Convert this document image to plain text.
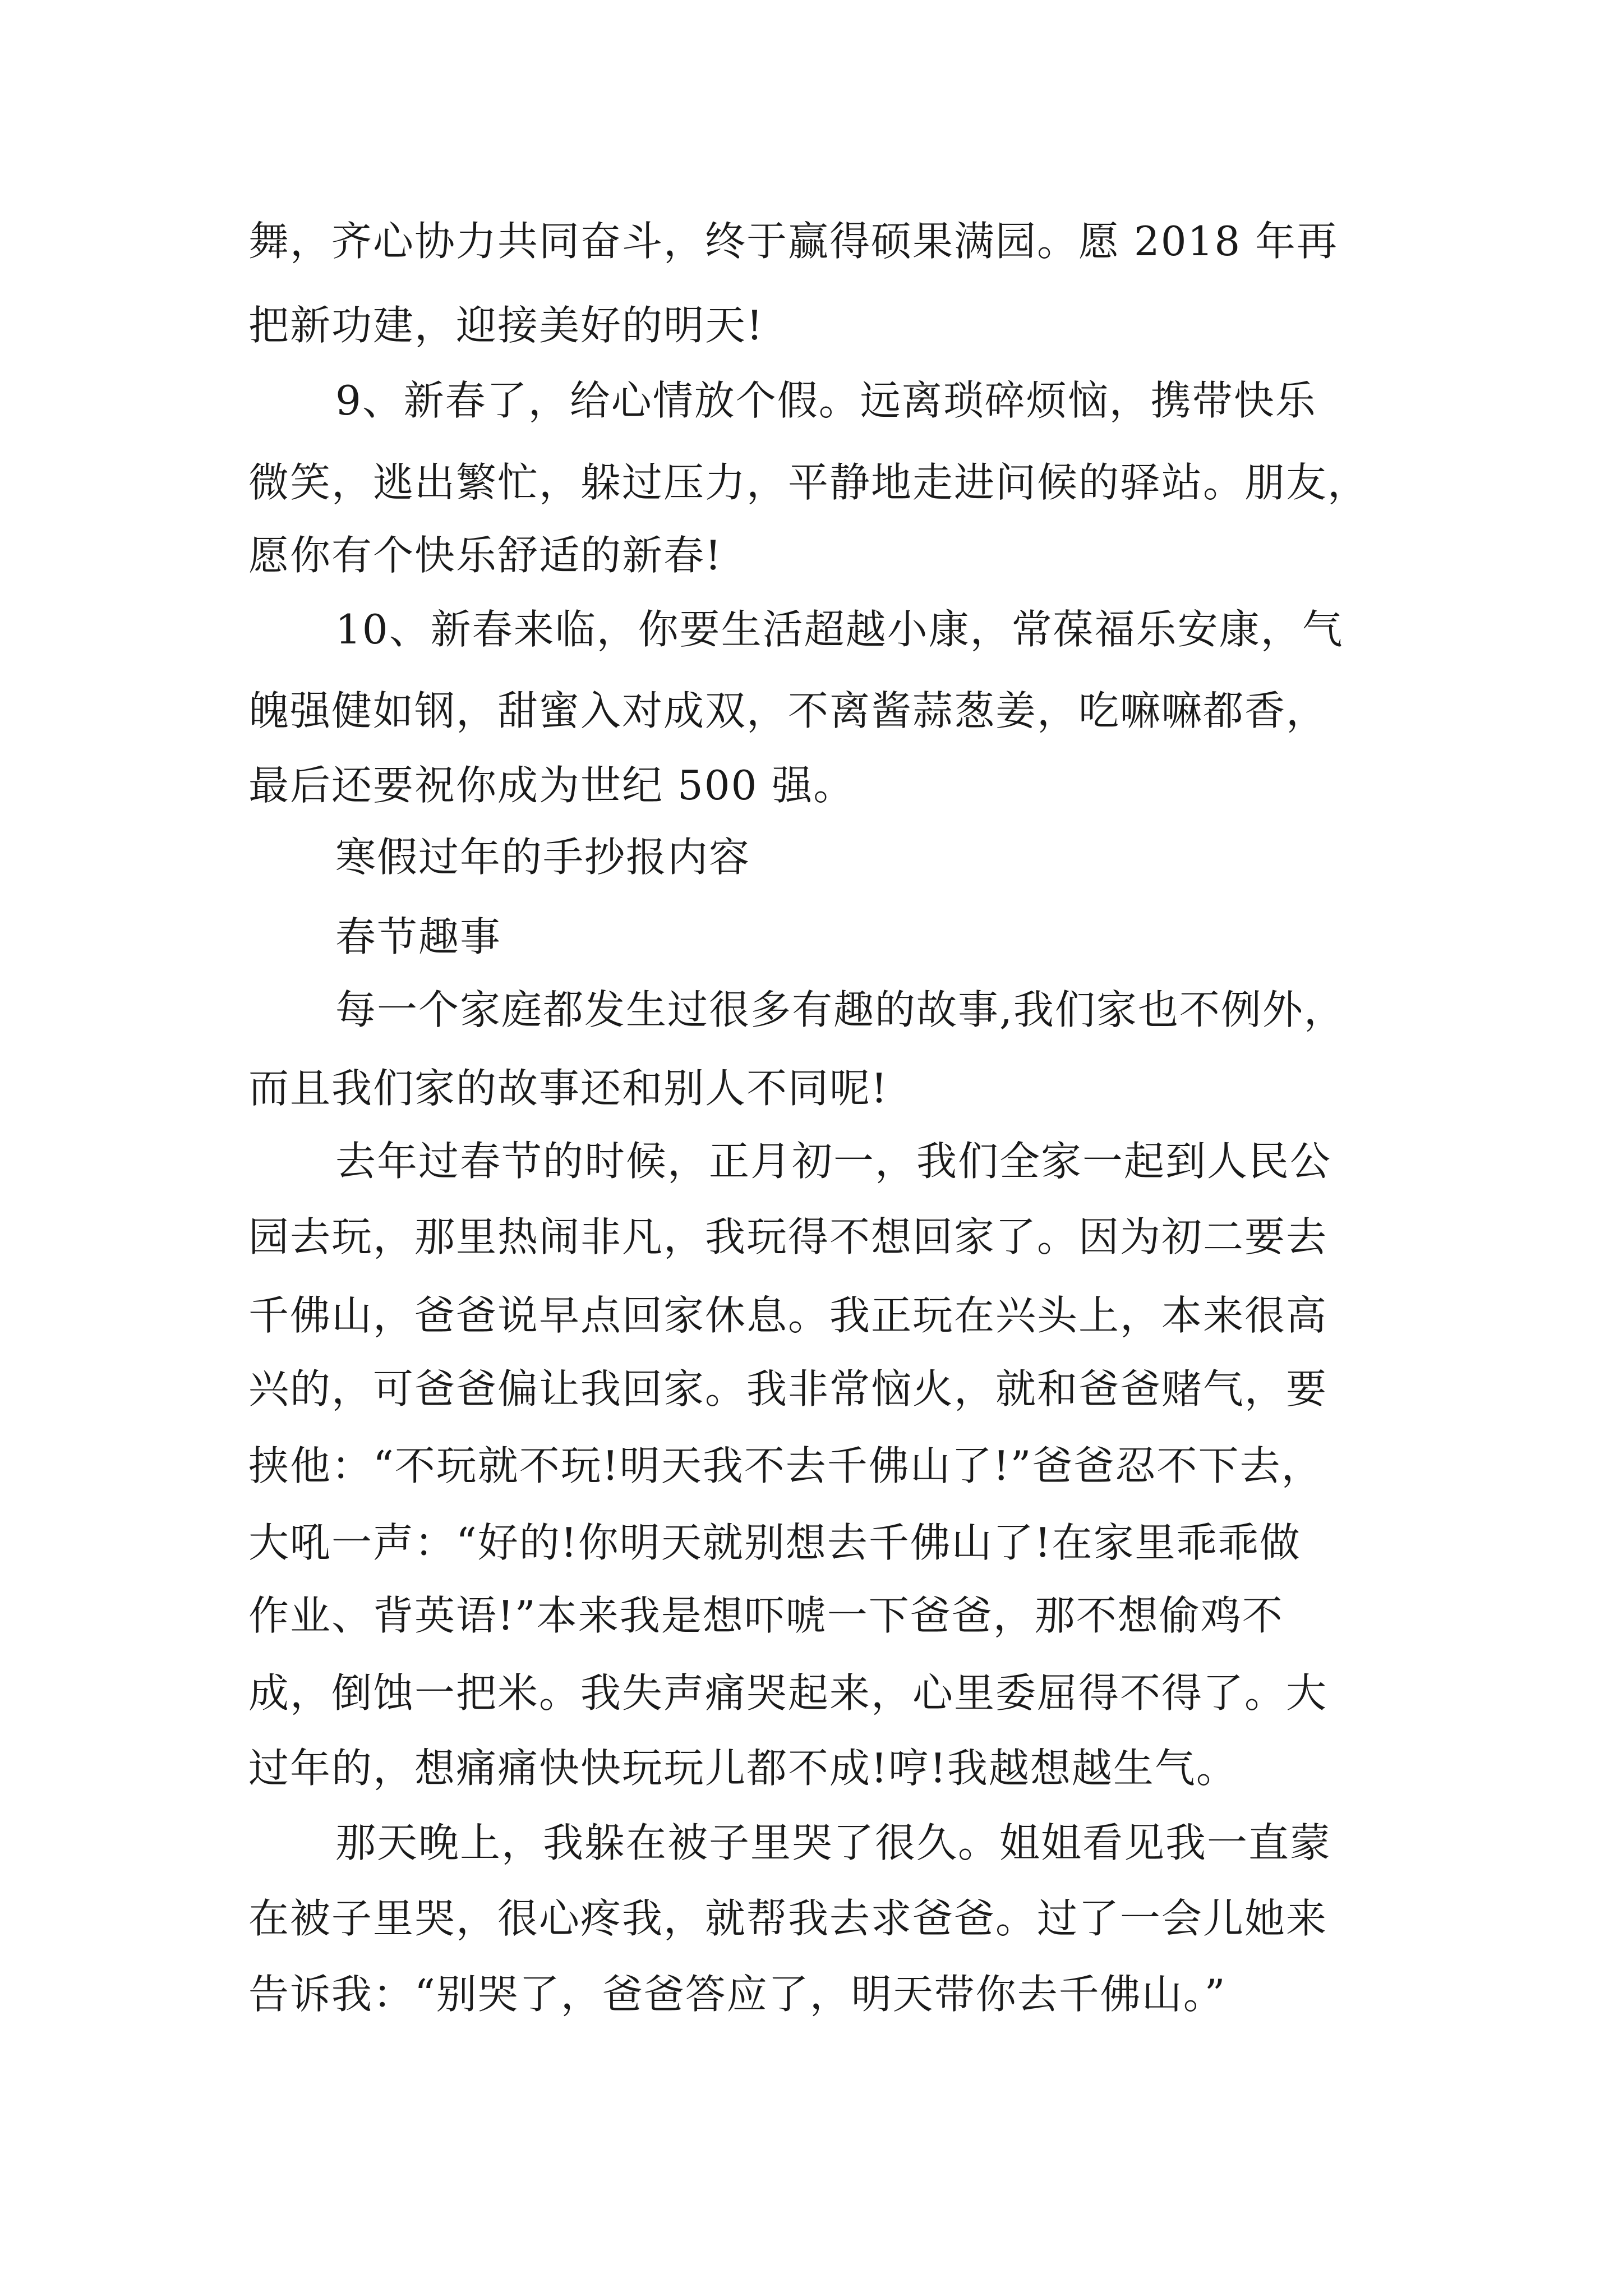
舞，齐心协力共同奋斗，终于赢得硕果满园。愿 2018 年再
把新功建，迎接美好的明天!
9、新春了，给心情放个假。远离琐碎烦恼，携带快乐
微笑，逃出繁忙，躲过压力，平静地走进问候的驿站。朋友，
愿你有个快乐舒适的新春!
10、新春来临，你要生活超越小康，常葆福乐安康，气
魄强健如钢，甜蜜入对成双，不离酱蒜葱姜，吃嘛嘛都香，
最后还要祝你成为世纪 500 强。
寒假过年的手抄报内容
春节趣事
每一个家庭都发生过很多有趣的故事,我们家也不例外，
而且我们家的故事还和别人不同呢!
去年过春节的时候，正月初一，我们全家一起到人民公
园去玩，那里热闹非凡，我玩得不想回家了。因为初二要去
千佛山，爸爸说早点回家休息。我正玩在兴头上，本来很高
兴的，可爸爸偏让我回家。我非常恼火，就和爸爸赌气，要
挟他：“不玩就不玩!明天我不去千佛山了!”爸爸忍不下去，
大吼一声：“好的!你明天就别想去千佛山了!在家里乖乖做
作业、背英语!”本来我是想吓唬一下爸爸，那不想偷鸡不
成，倒蚀一把米。我失声痛哭起来，心里委屈得不得了。大
过年的，想痛痛快快玩玩儿都不成!哼!我越想越生气。
那天晚上，我躲在被子里哭了很久。姐姐看见我一直蒙
在被子里哭，很心疼我，就帮我去求爸爸。过了一会儿她来
告诉我：“别哭了，爸爸答应了，明天带你去千佛山。”
